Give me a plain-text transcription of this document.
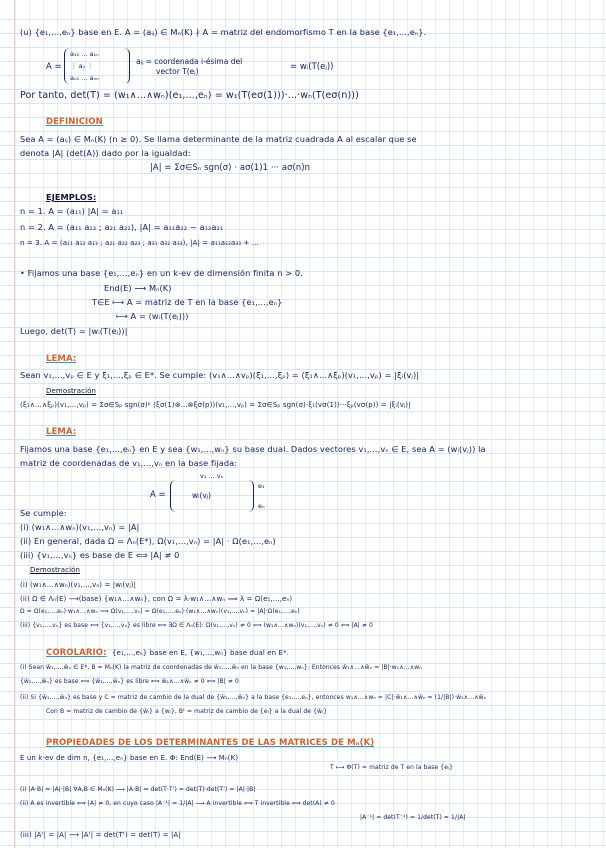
(u) {e₁,...,eₙ} base en E. A = (aᵢⱼ) ∈ Mₙ(K) ∤ A = matriz del endomorfismo T en la base {e₁,...,eₙ}.
A =
a₁₁ ... a₁ₙ
⋮ aᵢⱼ ⋮
aₙ₁ ... aₙₙ
aᵢⱼ = coordenada i-ésima del
vector T(eⱼ)	= wᵢ(T(eⱼ))
Por tanto, det(T) = (w₁∧...∧wₙ)(e₁,...,eₙ) = w₁(T(eσ(1)))·...·wₙ(T(eσ(n)))
DEFINICIÓN
Sea A = (aᵢⱼ) ∈ Mₙ(K) (n ≥ 0). Se llama determinante de la matriz cuadrada A al escalar que se
denota |A| (det(A)) dado por la igualdad:
|A| = Σσ∈Sₙ sgn(σ) · aσ(1)1 ··· aσ(n)n
EJEMPLOS:
n = 1. A = (a₁₁) |A| = a₁₁
n = 2. A = (a₁₁ a₁₂ ; a₂₁ a₂₂), |A| = a₁₁a₂₂ − a₁₂a₂₁
n = 3. A = (a₁₁ a₁₂ a₁₃ ; a₂₁ a₂₂ a₂₃ ; a₃₁ a₃₂ a₃₃), |A| = a₁₁a₂₂a₃₃ + ...
• Fijamos una base {e₁,...,eₙ} en un k-ev de dimensión finita n > 0.
End(E) ⟶ Mₙ(K)
T∈E ⟼ A = matriz de T en la base {e₁,...,eₙ}
⟼ A = (wᵢ(T(eⱼ)))
Luego, det(T) = |wᵢ(T(eⱼ))|
LEMA:
Sean v₁,...,vₚ ∈ E y ξ₁,...,ξₚ ∈ E*. Se cumple: (v₁∧...∧vₚ)(ξ₁,...,ξₚ) = (ξ₁∧...∧ξₚ)(v₁,...,vₚ) = |ξᵢ(vⱼ)|
Demostración
(ξ₁∧...∧ξₚ)(v₁,...,vₚ) = Σσ∈Sₚ sgn(σ)ᵖ (ξσ(1)⊗...⊗ξσ(p))(v₁,...,vₚ) = Σσ∈Sₚ sgn(σ)·ξ₁(vσ(1))···ξₚ(vσ(p)) = |ξᵢ(vⱼ)|
LEMA:
Fijamos una base {e₁,...,eₙ} en E y sea {w₁,...,wₙ} su base dual. Dados vectores v₁,...,vₙ ∈ E, sea A = (wᵢ(vⱼ)) la
matriz de coordenadas de v₁,...,vₙ en la base fijada:
v₁ ... vₙ
A =	wᵢ(vⱼ)
e₁
eₙ
Se cumple:
(i) (w₁∧...∧wₙ)(v₁,...,vₙ) = |A|
(ii) En general, dada Ω = Λₙ(E*), Ω(v₁,...,vₙ) = |A| · Ω(e₁,...,eₙ)
(iii) {v₁,...,vₙ} es base de E ⟺ |A| ≠ 0
Demostración
(i) (w₁∧...∧wₙ)(v₁,...,vₙ) = |wᵢ(vⱼ)|
(ii) Ω ∈ Λₙ(E) ⟶(base) {w₁∧...∧wₙ}, con Ω = λ·w₁∧...∧wₙ ⟹ λ = Ω(e₁,...,eₙ)
Ω = Ω(e₁,...,eₙ)·w₁∧...∧wₙ ⟹ Ω(v₁,...,vₙ) = Ω(e₁,...,eₙ)·(w₁∧...∧wₙ)(v₁,...,vₙ) = |A|·Ω(e₁,...,eₙ)
(iii) {v₁,...,vₙ} es base ⟺ {v₁,...,vₙ} es libre ⟺ ∃Ω ∈ Λₙ(E): Ω(v₁,...,vₙ) ≠ 0 ⟺ (w₁∧...∧wₙ)(v₁,...,vₙ) ≠ 0 ⟺ |A| ≠ 0
COROLARIO: {e₁,...,eₙ} base en E, {w₁,...,wₙ} base dual en E*.
(i) Sean w̄₁,...,w̄ₙ ∈ E*, B = Mₙ(K) la matriz de coordenadas de w̄₁,...,w̄ₙ en la base {w₁,...,wₙ}. Entonces w̄₁∧...∧w̄ₙ = |B|·w₁∧...∧wₙ
{w̄₁,...,w̄ₙ} es base ⟺ {w̄₁,...,w̄ₙ} es libre ⟺ w̄₁∧...∧w̄ₙ ≠ 0 ⟺ |B| ≠ 0
(ii) Si {w̄₁,...,w̄ₙ} es base y C = matriz de cambio de la dual de {w̄₁,...,w̄ₙ} a la base {e₁,...,eₙ}, entonces w₁∧...∧wₙ = |C|·w̄₁∧...∧w̄ₙ = (1/|B|)·w̄₁∧...∧w̄ₙ
Con B = matriz de cambio de {w̄ᵢ} a {wᵢ}, Bᵗ = matriz de cambio de {eᵢ} a la dual de {w̄ᵢ}
PROPIEDADES DE LOS DETERMINANTES DE LAS MATRICES DE Mₙ(K)
E un k-ev de dim n, {e₁,...,eₙ} base en E. Φ: End(E) ⟶ Mₙ(K)
T ⟼ Φ(T) = matriz de T en la base {eᵢ}
(i) |A·B| = |A|·|B| ∀A,B ∈ Mₙ(K) ⟶ |A·B| = det(T·T') = det(T)·det(T') = |A|·|B|
(ii) A es invertible ⟺ |A| ≠ 0, en cuyo caso |A⁻¹| = 1/|A| ⟶ A invertible ⟺ T invertible ⟺ det(A) ≠ 0
|A⁻¹| = det(T⁻¹) = 1/det(T) = 1/|A|
(iii) |Aᵗ| = |A| ⟶ |Aᵗ| = det(Tᵗ) = det(T) = |A|
